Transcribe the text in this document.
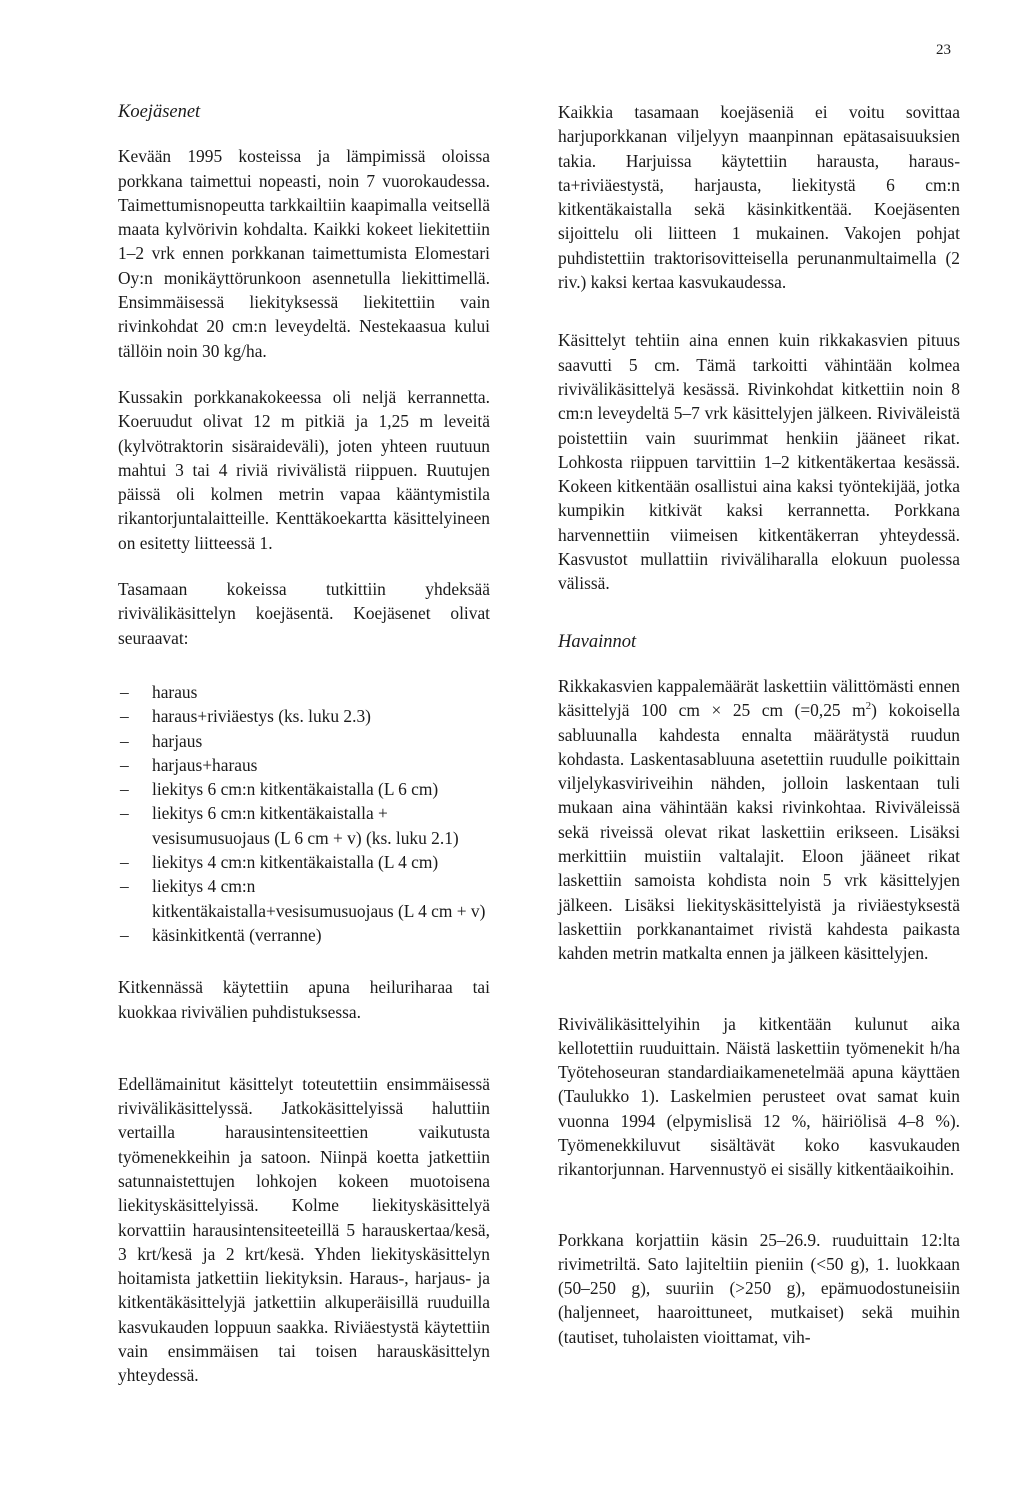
23

Koejäsenet

Kevään 1995 kosteissa ja lämpimissä oloissa porkkana taimettui nopeasti, noin 7 vuorokaudessa. Taimettumisnopeutta tarkkailtiin kaapimalla veitsellä maata kylvörivin kohdalta. Kaikki kokeet liekitettiin 1–2 vrk ennen porkkanan taimettumista Elomestari Oy:n monikäyttörunkoon asennetulla liekittimellä. Ensimmäisessä liekityksessä liekitettiin vain rivinkohdat 20 cm:n leveydeltä. Nestekaasua kului tällöin noin 30 kg/ha.

Kussakin porkkanakokeessa oli neljä kerrannetta. Koeruudut olivat 12 m pitkiä ja 1,25 m leveitä (kylvötraktorin sisäraideväli), joten yhteen ruutuun mahtui 3 tai 4 riviä rivivälistä riippuen. Ruutujen päissä oli kolmen metrin vapaa kääntymistila rikantorjuntalaitteille. Kenttäkoekartta käsittelyineen on esitetty liitteessä 1.

Tasamaan kokeissa tutkittiin yhdeksää rivivälikäsittelyn koejäsentä. Koejäsenet olivat seuraavat:

– haraus
– haraus+riviäestys (ks. luku 2.3)
– harjaus
– harjaus+haraus
– liekitys 6 cm:n kitkentäkaistalla (L 6 cm)
– liekitys 6 cm:n kitkentäkaistalla + vesisumusuojaus (L 6 cm + v) (ks. luku 2.1)
– liekitys 4 cm:n kitkentäkaistalla (L 4 cm)
– liekitys 4 cm:n kitkentäkaistalla+vesisumusuojaus (L 4 cm + v)
– käsinkitkentä (verranne)

Kitkennässä käytettiin apuna heiluriharaa tai kuokkaa rivivälien puhdistuksessa.

Edellämainitut käsittelyt toteutettiin ensimmäisessä rivivälikäsittelyssä. Jatkokäsittelyissä haluttiin vertailla harausintensiteettien vaikutusta työmenekkeihin ja satoon. Niinpä koetta jatkettiin satunnaistettujen lohkojen kokeen muotoisena liekityskäsittelyissä. Kolme liekityskäsittelyä korvattiin harausintensiteeteillä 5 harauskertaa/kesä, 3 krt/kesä ja 2 krt/kesä. Yhden liekityskäsittelyn hoitamista jatkettiin liekityksin. Haraus-, harjaus- ja kitkentäkäsittelyjä jatkettiin alkuperäisillä ruuduilla kasvukauden loppuun saakka. Riviäestystä käytettiin vain ensimmäisen tai toisen harauskäsittelyn yhteydessä.

Kaikkia tasamaan koejäseniä ei voitu sovittaa harjuporkkanan viljelyyn maanpinnan epätasaisuuksien takia. Harjuissa käytettiin harausta, haraus-ta+riviäestystä, harjausta, liekitystä 6 cm:n kitkentäkaistalla sekä käsinkitkentää. Koejäsenten sijoittelu oli liitteen 1 mukainen. Vakojen pohjat puhdistettiin traktorisovitteisella perunanmultaimella (2 riv.) kaksi kertaa kasvukaudessa.

Käsittelyt tehtiin aina ennen kuin rikkakasvien pituus saavutti 5 cm. Tämä tarkoitti vähintään kolmea rivivälikäsittelyä kesässä. Rivinkohdat kitkettiin noin 8 cm:n leveydeltä 5–7 vrk käsittelyjen jälkeen. Riviväleistä poistettiin vain suurimmat henkiin jääneet rikat. Lohkosta riippuen tarvittiin 1–2 kitkentäkertaa kesässä. Kokeen kitkentään osallistui aina kaksi työntekijää, jotka kumpikin kitkivät kaksi kerrannetta. Porkkana harvennettiin viimeisen kitkentäkerran yhteydessä. Kasvustot mullattiin riviväliharalla elokuun puolessa välissä.

Havainnot

Rikkakasvien kappalemäärät laskettiin välittömästi ennen käsittelyjä 100 cm × 25 cm (=0,25 $m^2$) kokoisella sabluunalla kahdesta ennalta määrätystä ruudun kohdasta. Laskentasabluuna asetettiin ruudulle poikittain viljelykasviriveihin nähden, jolloin laskentaan tuli mukaan aina vähintään kaksi rivinkohtaa. Riviväleissä sekä riveissä olevat rikat laskettiin erikseen. Lisäksi merkittiin muistiin valtalajit. Eloon jääneet rikat laskettiin samoista kohdista noin 5 vrk käsittelyjen jälkeen. Lisäksi liekityskäsittelyistä ja riviäestyksestä laskettiin porkkanantaimet rivistä kahdesta paikasta kahden metrin matkalta ennen ja jälkeen käsittelyjen.

Rivivälikäsittelyihin ja kitkentään kulunut aika kellotettiin ruuduittain. Näistä laskettiin työmenekit h/ha Työtehoseuran standardiaikamenetelmää apuna käyttäen (Taulukko 1). Laskelmien perusteet ovat samat kuin vuonna 1994 (elpymislisä 12 %, häiriölisä 4–8 %). Työmenekkiluvut sisältävät koko kasvukauden rikantorjunnan. Harvennustyö ei sisälly kitkentäaikoihin.

Porkkana korjattiin käsin 25–26.9. ruuduittain 12:lta rivimetriltä. Sato lajiteltiin pieniin (<50 g), 1. luokkaan (50–250 g), suuriin (>250 g), epämuodostuneisiin (haljenneet, haaroittuneet, mutkaiset) sekä muihin (tautiset, tuholaisten vioittamat, vih-
